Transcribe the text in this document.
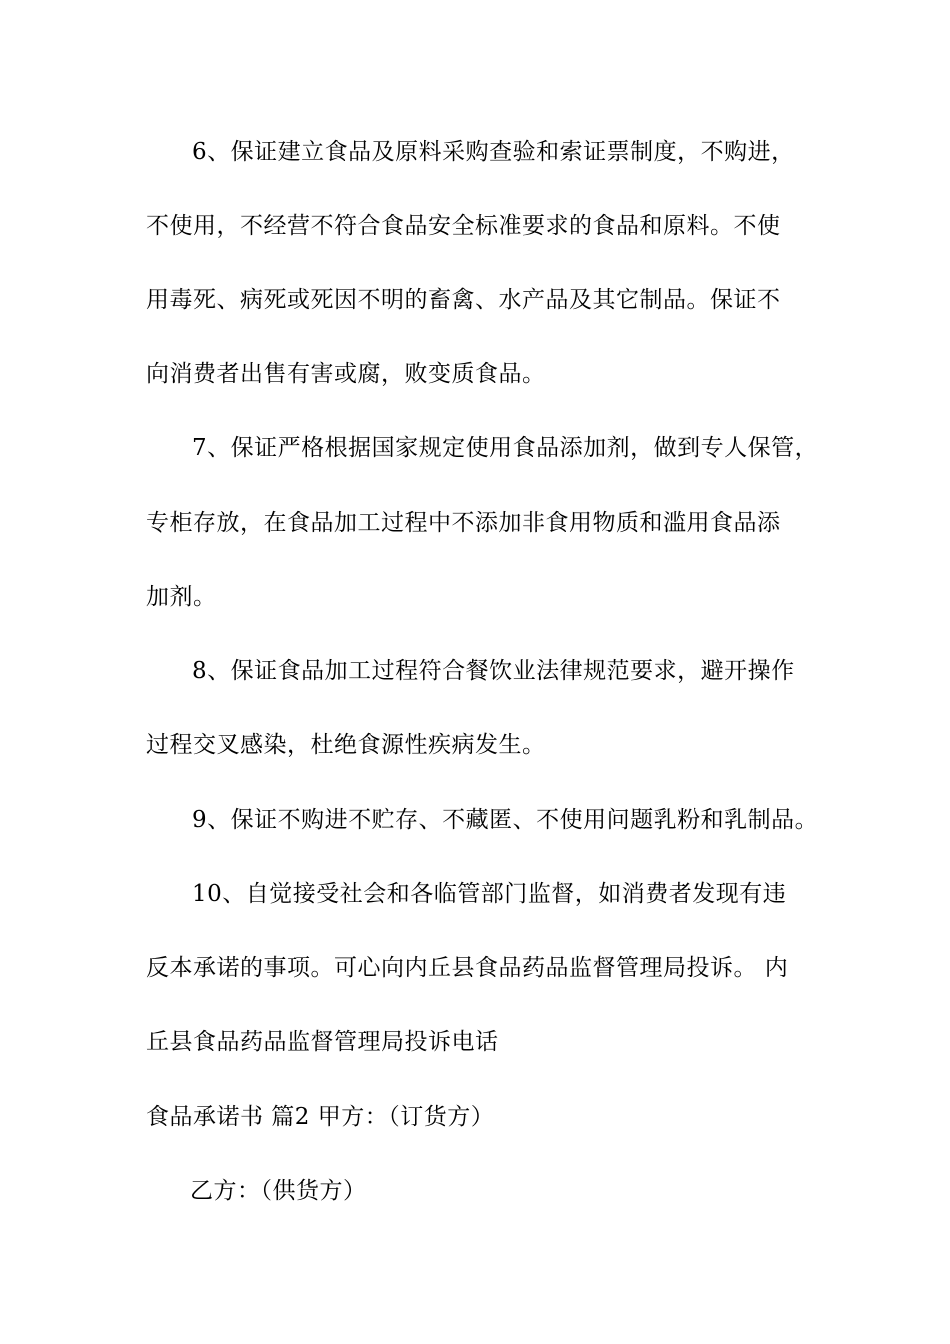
6、保证建立食品及原料采购查验和索证票制度，不购进，
不使用，不经营不符合食品安全标准要求的食品和原料。不使
用毒死、病死或死因不明的畜禽、水产品及其它制品。保证不
向消费者出售有害或腐，败变质食品。
7、保证严格根据国家规定使用食品添加剂，做到专人保管，
专柜存放，在食品加工过程中不添加非食用物质和滥用食品添
加剂。
8、保证食品加工过程符合餐饮业法律规范要求，避开操作
过程交叉感染，杜绝食源性疾病发生。
9、保证不购进不贮存、不藏匿、不使用问题乳粉和乳制品。
10、自觉接受社会和各临管部门监督，如消费者发现有违
反本承诺的事项。可心向内丘县食品药品监督管理局投诉。 内
丘县食品药品监督管理局投诉电话
食品承诺书 篇2 甲方：（订货方）
乙方：（供货方）
